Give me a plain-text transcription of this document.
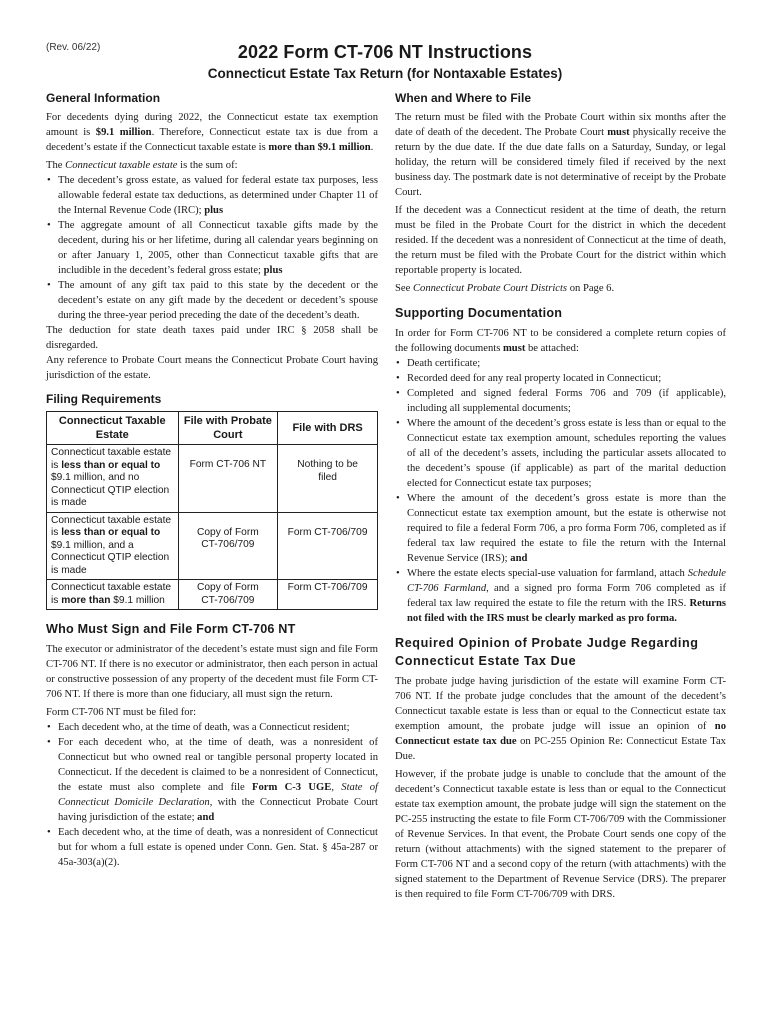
(Rev. 06/22)	2022 Form CT-706 NT Instructions
Connecticut Estate Tax Return (for Nontaxable Estates)
General Information

For decedents dying during 2022, the Connecticut estate tax exemption amount is $9.1 million. Therefore, Connecticut estate tax is due from a decedent’s estate if the Connecticut taxable estate is more than $9.1 million.

The Connecticut taxable estate is the sum of:

• The decedent’s gross estate, as valued for federal estate tax purposes, less allowable federal estate tax deductions, as determined under Chapter 11 of the Internal Revenue Code (IRC); plus
• The aggregate amount of all Connecticut taxable gifts made by the decedent, during his or her lifetime, during all calendar years beginning on or after January 1, 2005, other than Connecticut taxable gifts that are includible in the decedent’s federal gross estate; plus
• The amount of any gift tax paid to this state by the decedent or the decedent’s estate on any gift made by the decedent or decedent’s spouse during the three-year period preceding the date of the decedent’s death.

The deduction for state death taxes paid under IRC § 2058 shall be disregarded.

Any reference to Probate Court means the Connecticut Probate Court having jurisdiction of the estate.

Filing Requirements
Connecticut Taxable Estate	File with Probate Court	File with DRS
Connecticut taxable estate is less than or equal to $9.1 million, and no Connecticut QTIP election is made	Form CT-706 NT	Nothing to be filed

Connecticut taxable estate is less than or equal to $9.1 million, and a Connecticut QTIP election is made	Copy of Form CT-706/709	Form CT-706/709
Connecticut taxable estate is more than $9.1 million	Copy of Form CT-706/709	Form CT-706/709
Who Must Sign and File Form CT-706 NT

The executor or administrator of the decedent’s estate must sign and file Form CT-706 NT. If there is no executor or administrator, then each person in actual or constructive possession of any property of the decedent must file Form CT-706 NT. If there is more than one fiduciary, all must sign the return.

Form CT-706 NT must be filed for:

• Each decedent who, at the time of death, was a Connecticut resident;
• For each decedent who, at the time of death, was a nonresident of Connecticut but who owned real or tangible personal property located in Connecticut. If the decedent is claimed to be a nonresident of Connecticut, the estate must also complete and file Form C-3 UGE, State of Connecticut Domicile Declaration, with the Connecticut Probate Court having jurisdiction of the estate; and
• Each decedent who, at the time of death, was a nonresident of Connecticut but for whom a full estate is opened under Conn. Gen. Stat. § 45a-287 or 45a-303(a)(2).
When and Where to File

The return must be filed with the Probate Court within six months after the date of death of the decedent. The Probate Court must physically receive the return by the due date. If the due date falls on a Saturday, Sunday, or legal holiday, the return will be considered timely filed if received by the next business day. The postmark date is not determinative of receipt by the Probate Court.

If the decedent was a Connecticut resident at the time of death, the return must be filed in the Probate Court for the district in which the decedent resided. If the decedent was a nonresident of Connecticut at the time of death, the return must be filed with the Probate Court for the district within which reportable property is located.

See Connecticut Probate Court Districts on Page 6.

Supporting Documentation

In order for Form CT-706 NT to be considered a complete return copies of the following documents must be attached:

• Death certificate;
• Recorded deed for any real property located in Connecticut;
• Completed and signed federal Forms 706 and 709 (if applicable), including all supplemental documents;
• Where the amount of the decedent’s gross estate is less than or equal to the Connecticut estate tax exemption amount, schedules reporting the values of all of the decedent’s assets, including the particular assets allocated to the decedent’s spouse (if applicable) as part of the marital deduction elected for Connecticut estate tax purposes;
• Where the amount of the decedent’s gross estate is more than the Connecticut estate tax exemption amount, but the estate is otherwise not required to file a federal Form 706, a pro forma Form 706, completed as if federal tax law required the estate to file the return with the Internal Revenue Service (IRS); and
• Where the estate elects special-use valuation for farmland, attach Schedule CT-706 Farmland, and a signed pro forma Form 706 completed as if federal tax law required the estate to file the return with the IRS. Returns not filed with the IRS must be clearly marked as pro forma.
Required Opinion of Probate Judge Regarding Connecticut Estate Tax Due

The probate judge having jurisdiction of the estate will examine Form CT-706 NT. If the probate judge concludes that the amount of the decedent’s Connecticut taxable estate is less than or equal to the Connecticut estate tax exemption amount, the probate judge will issue an opinion of no Connecticut estate tax due on PC-255 Opinion Re: Connecticut Estate Tax Due.

However, if the probate judge is unable to conclude that the amount of the decedent’s Connecticut taxable estate is less than or equal to the Connecticut estate tax exemption amount, the probate judge will sign the statement on the PC-255 instructing the estate to file Form CT-706/709 with the Commissioner of Revenue Services. In that event, the Probate Court sends one copy of the return (without attachments) with the signed statement to the preparer of Form CT-706 NT and a second copy of the return (with attachments) with the signed statement to the Department of Revenue Service (DRS). The preparer is then required to file Form CT-706/709 with DRS.
